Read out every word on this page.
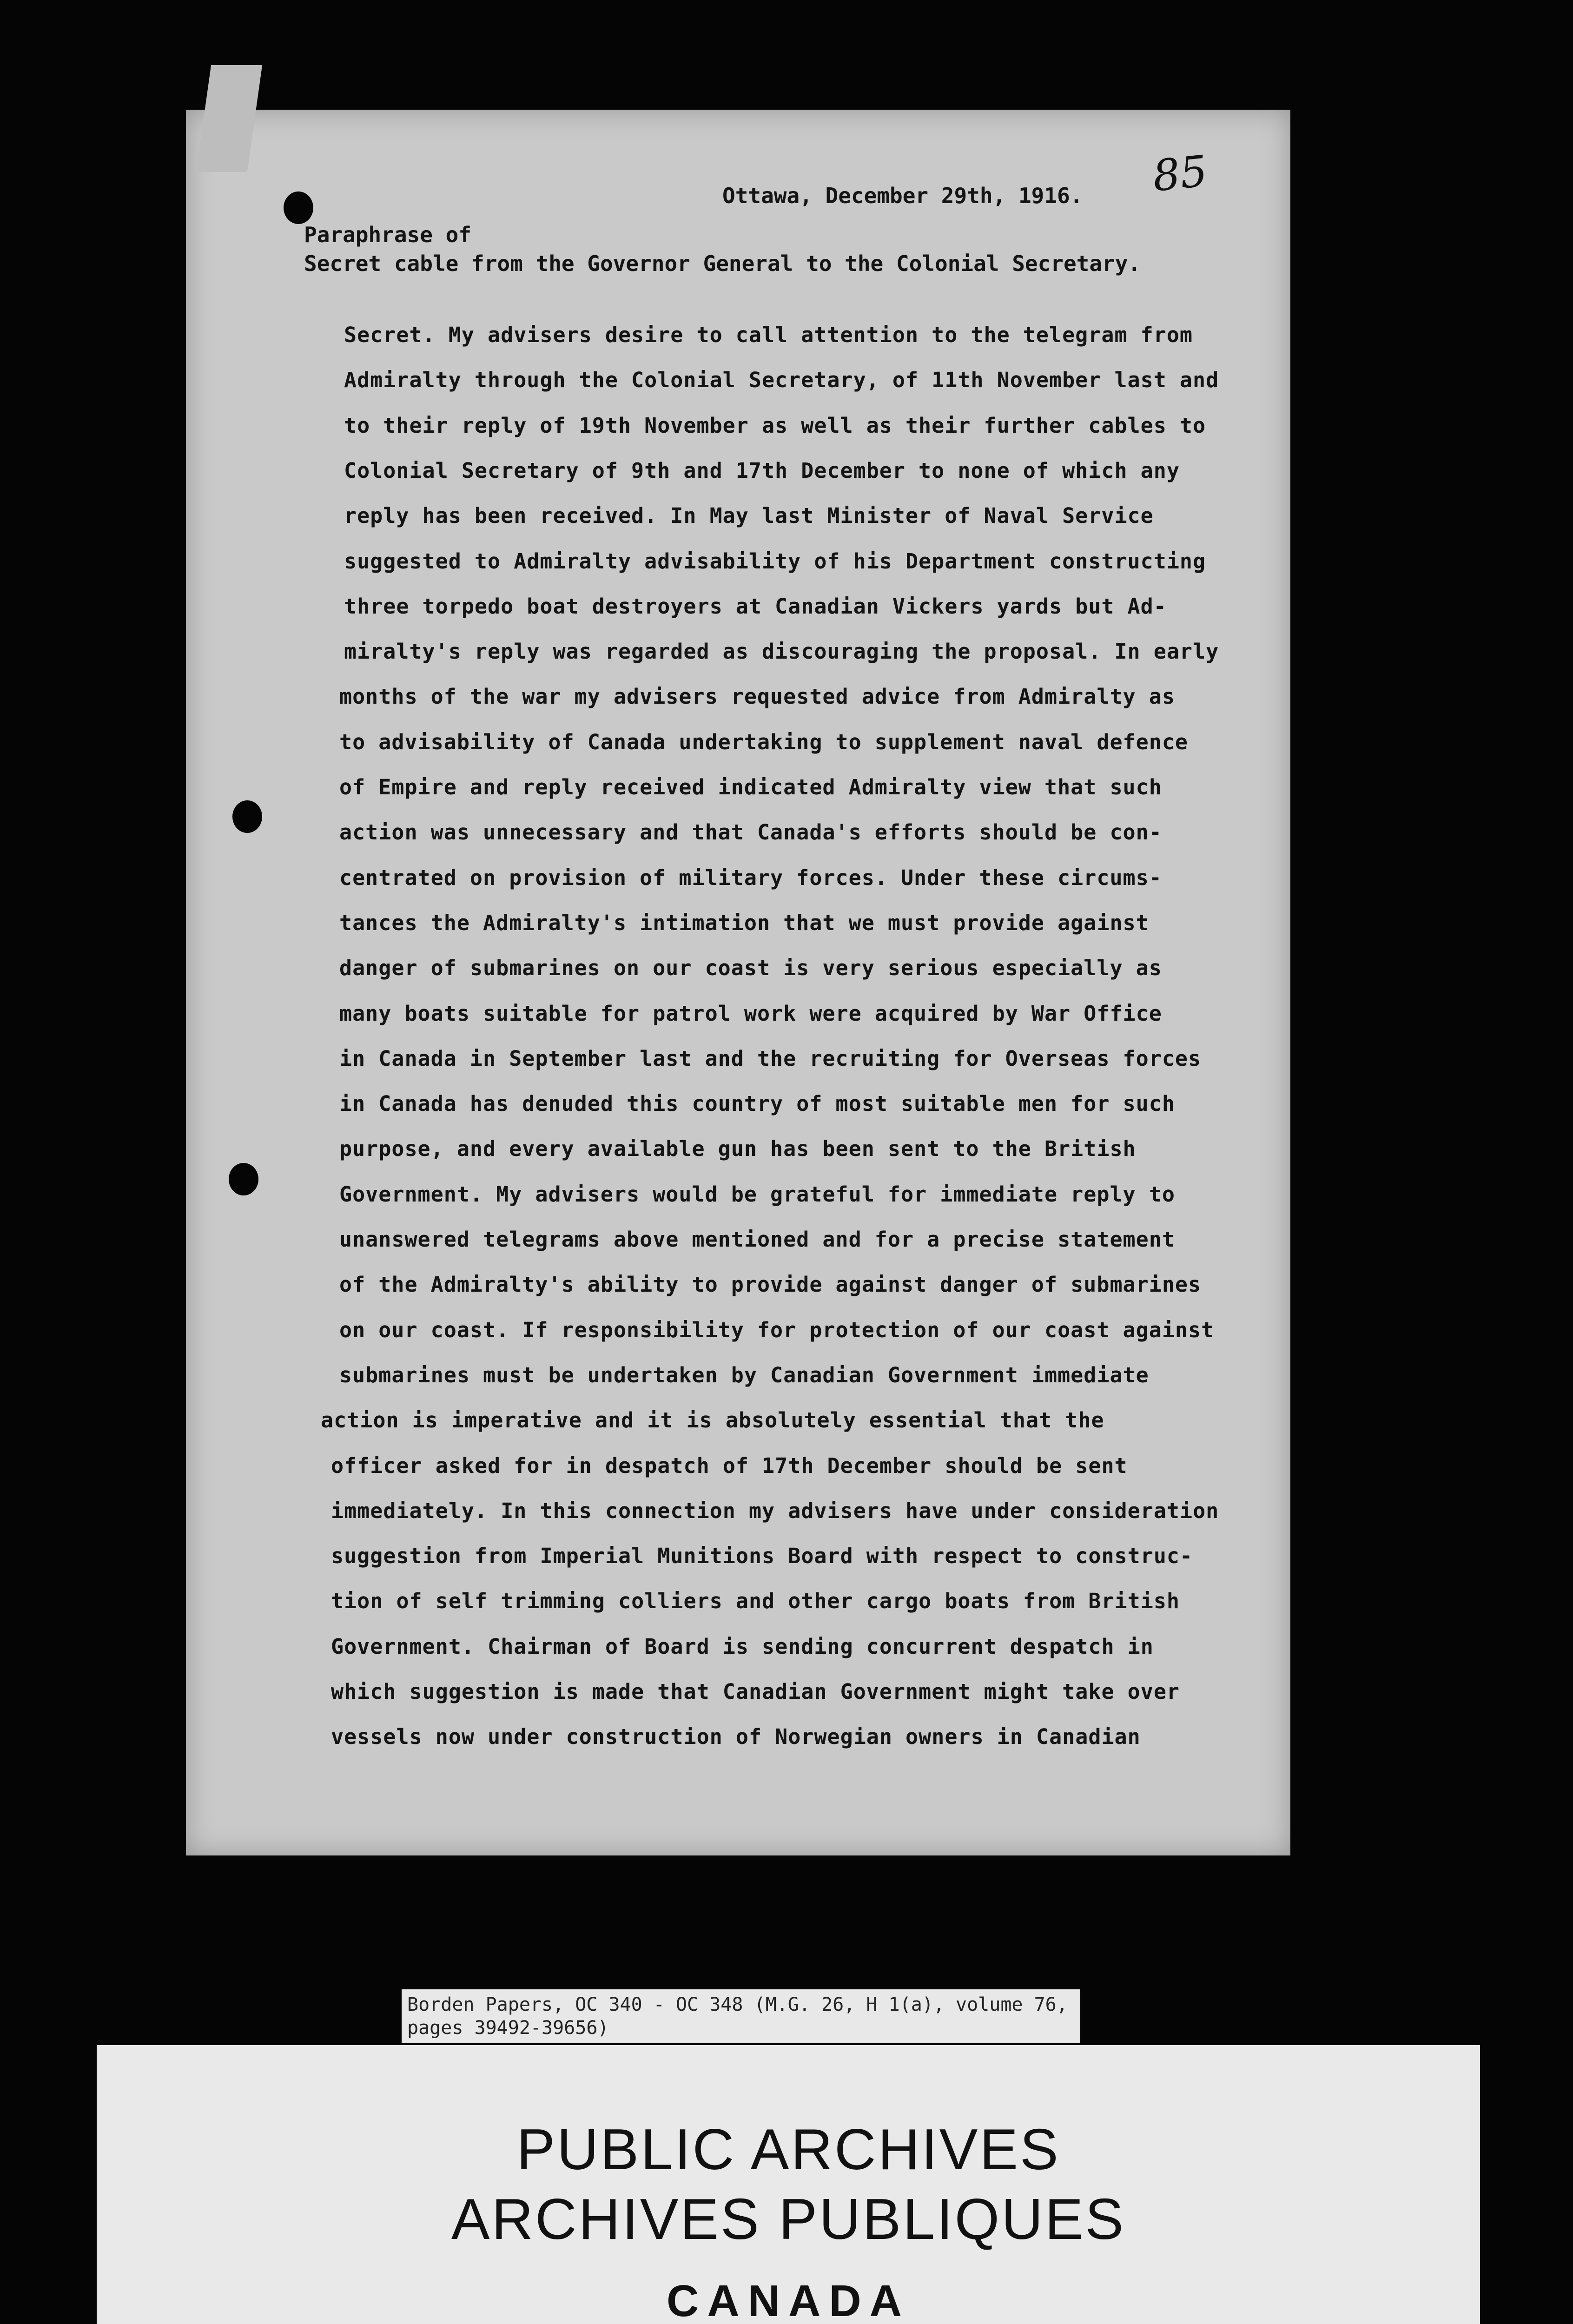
85
Ottawa, December 29th, 1916.
Paraphrase of
Secret cable from the Governor General to the Colonial Secretary.
Secret. My advisers desire to call attention to the telegram from
Admiralty through the Colonial Secretary, of 11th November last and
to their reply of 19th November as well as their further cables to
Colonial Secretary of 9th and 17th December to none of which any
reply has been received. In May last Minister of Naval Service
suggested to Admiralty advisability of his Department constructing
three torpedo boat destroyers at Canadian Vickers yards but Ad-
miralty's reply was regarded as discouraging the proposal. In early
months of the war my advisers requested advice from Admiralty as
to advisability of Canada undertaking to supplement naval defence
of Empire and reply received indicated Admiralty view that such
action was unnecessary and that Canada's efforts should be con-
centrated on provision of military forces. Under these circums-
tances the Admiralty's intimation that we must provide against
danger of submarines on our coast is very serious especially as
many boats suitable for patrol work were acquired by War Office
in Canada in September last and the recruiting for Overseas forces
in Canada has denuded this country of most suitable men for such
purpose, and every available gun has been sent to the British
Government. My advisers would be grateful for immediate reply to
unanswered telegrams above mentioned and for a precise statement
of the Admiralty's ability to provide against danger of submarines
on our coast. If responsibility for protection of our coast against
submarines must be undertaken by Canadian Government immediate
action is imperative and it is absolutely essential that the
officer asked for in despatch of 17th December should be sent
immediately. In this connection my advisers have under consideration
suggestion from Imperial Munitions Board with respect to construc-
tion of self trimming colliers and other cargo boats from British
Government. Chairman of Board is sending concurrent despatch in
which suggestion is made that Canadian Government might take over
vessels now under construction of Norwegian owners in Canadian
Borden Papers, OC 340 - OC 348 (M.G. 26, H 1(a), volume 76,
pages 39492-39656)
PUBLIC ARCHIVES
ARCHIVES PUBLIQUES
CANADA
